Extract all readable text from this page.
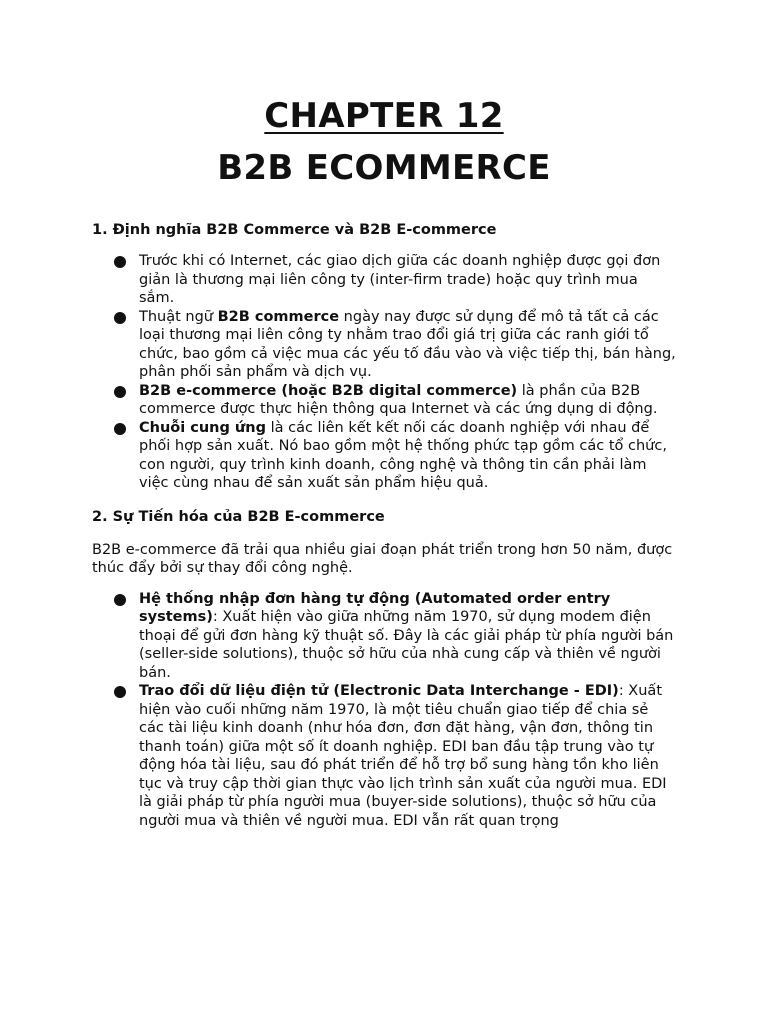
CHAPTER 12
B2B ECOMMERCE
1. Định nghĩa B2B Commerce và B2B E-commerce
Trước khi có Internet, các giao dịch giữa các doanh nghiệp được gọi đơn giản là thương mại liên công ty (inter-firm trade) hoặc quy trình mua sắm.
Thuật ngữ B2B commerce ngày nay được sử dụng để mô tả tất cả các loại thương mại liên công ty nhằm trao đổi giá trị giữa các ranh giới tổ chức, bao gồm cả việc mua các yếu tố đầu vào và việc tiếp thị, bán hàng, phân phối sản phẩm và dịch vụ.
B2B e-commerce (hoặc B2B digital commerce) là phần của B2B commerce được thực hiện thông qua Internet và các ứng dụng di động.
Chuỗi cung ứng là các liên kết kết nối các doanh nghiệp với nhau để phối hợp sản xuất. Nó bao gồm một hệ thống phức tạp gồm các tổ chức, con người, quy trình kinh doanh, công nghệ và thông tin cần phải làm việc cùng nhau để sản xuất sản phẩm hiệu quả.
2. Sự Tiến hóa của B2B E-commerce

B2B e-commerce đã trải qua nhiều giai đoạn phát triển trong hơn 50 năm, được thúc đẩy bởi sự thay đổi công nghệ.

Hệ thống nhập đơn hàng tự động (Automated order entry systems): Xuất hiện vào giữa những năm 1970, sử dụng modem điện thoại để gửi đơn hàng kỹ thuật số. Đây là các giải pháp từ phía người bán (seller-side solutions), thuộc sở hữu của nhà cung cấp và thiên về người bán.
Trao đổi dữ liệu điện tử (Electronic Data Interchange - EDI): Xuất hiện vào cuối những năm 1970, là một tiêu chuẩn giao tiếp để chia sẻ các tài liệu kinh doanh (như hóa đơn, đơn đặt hàng, vận đơn, thông tin thanh toán) giữa một số ít doanh nghiệp. EDI ban đầu tập trung vào tự động hóa tài liệu, sau đó phát triển để hỗ trợ bổ sung hàng tồn kho liên tục và truy cập thời gian thực vào lịch trình sản xuất của người mua. EDI là giải pháp từ phía người mua (buyer-side solutions), thuộc sở hữu của người mua và thiên về người mua. EDI vẫn rất quan trọng
